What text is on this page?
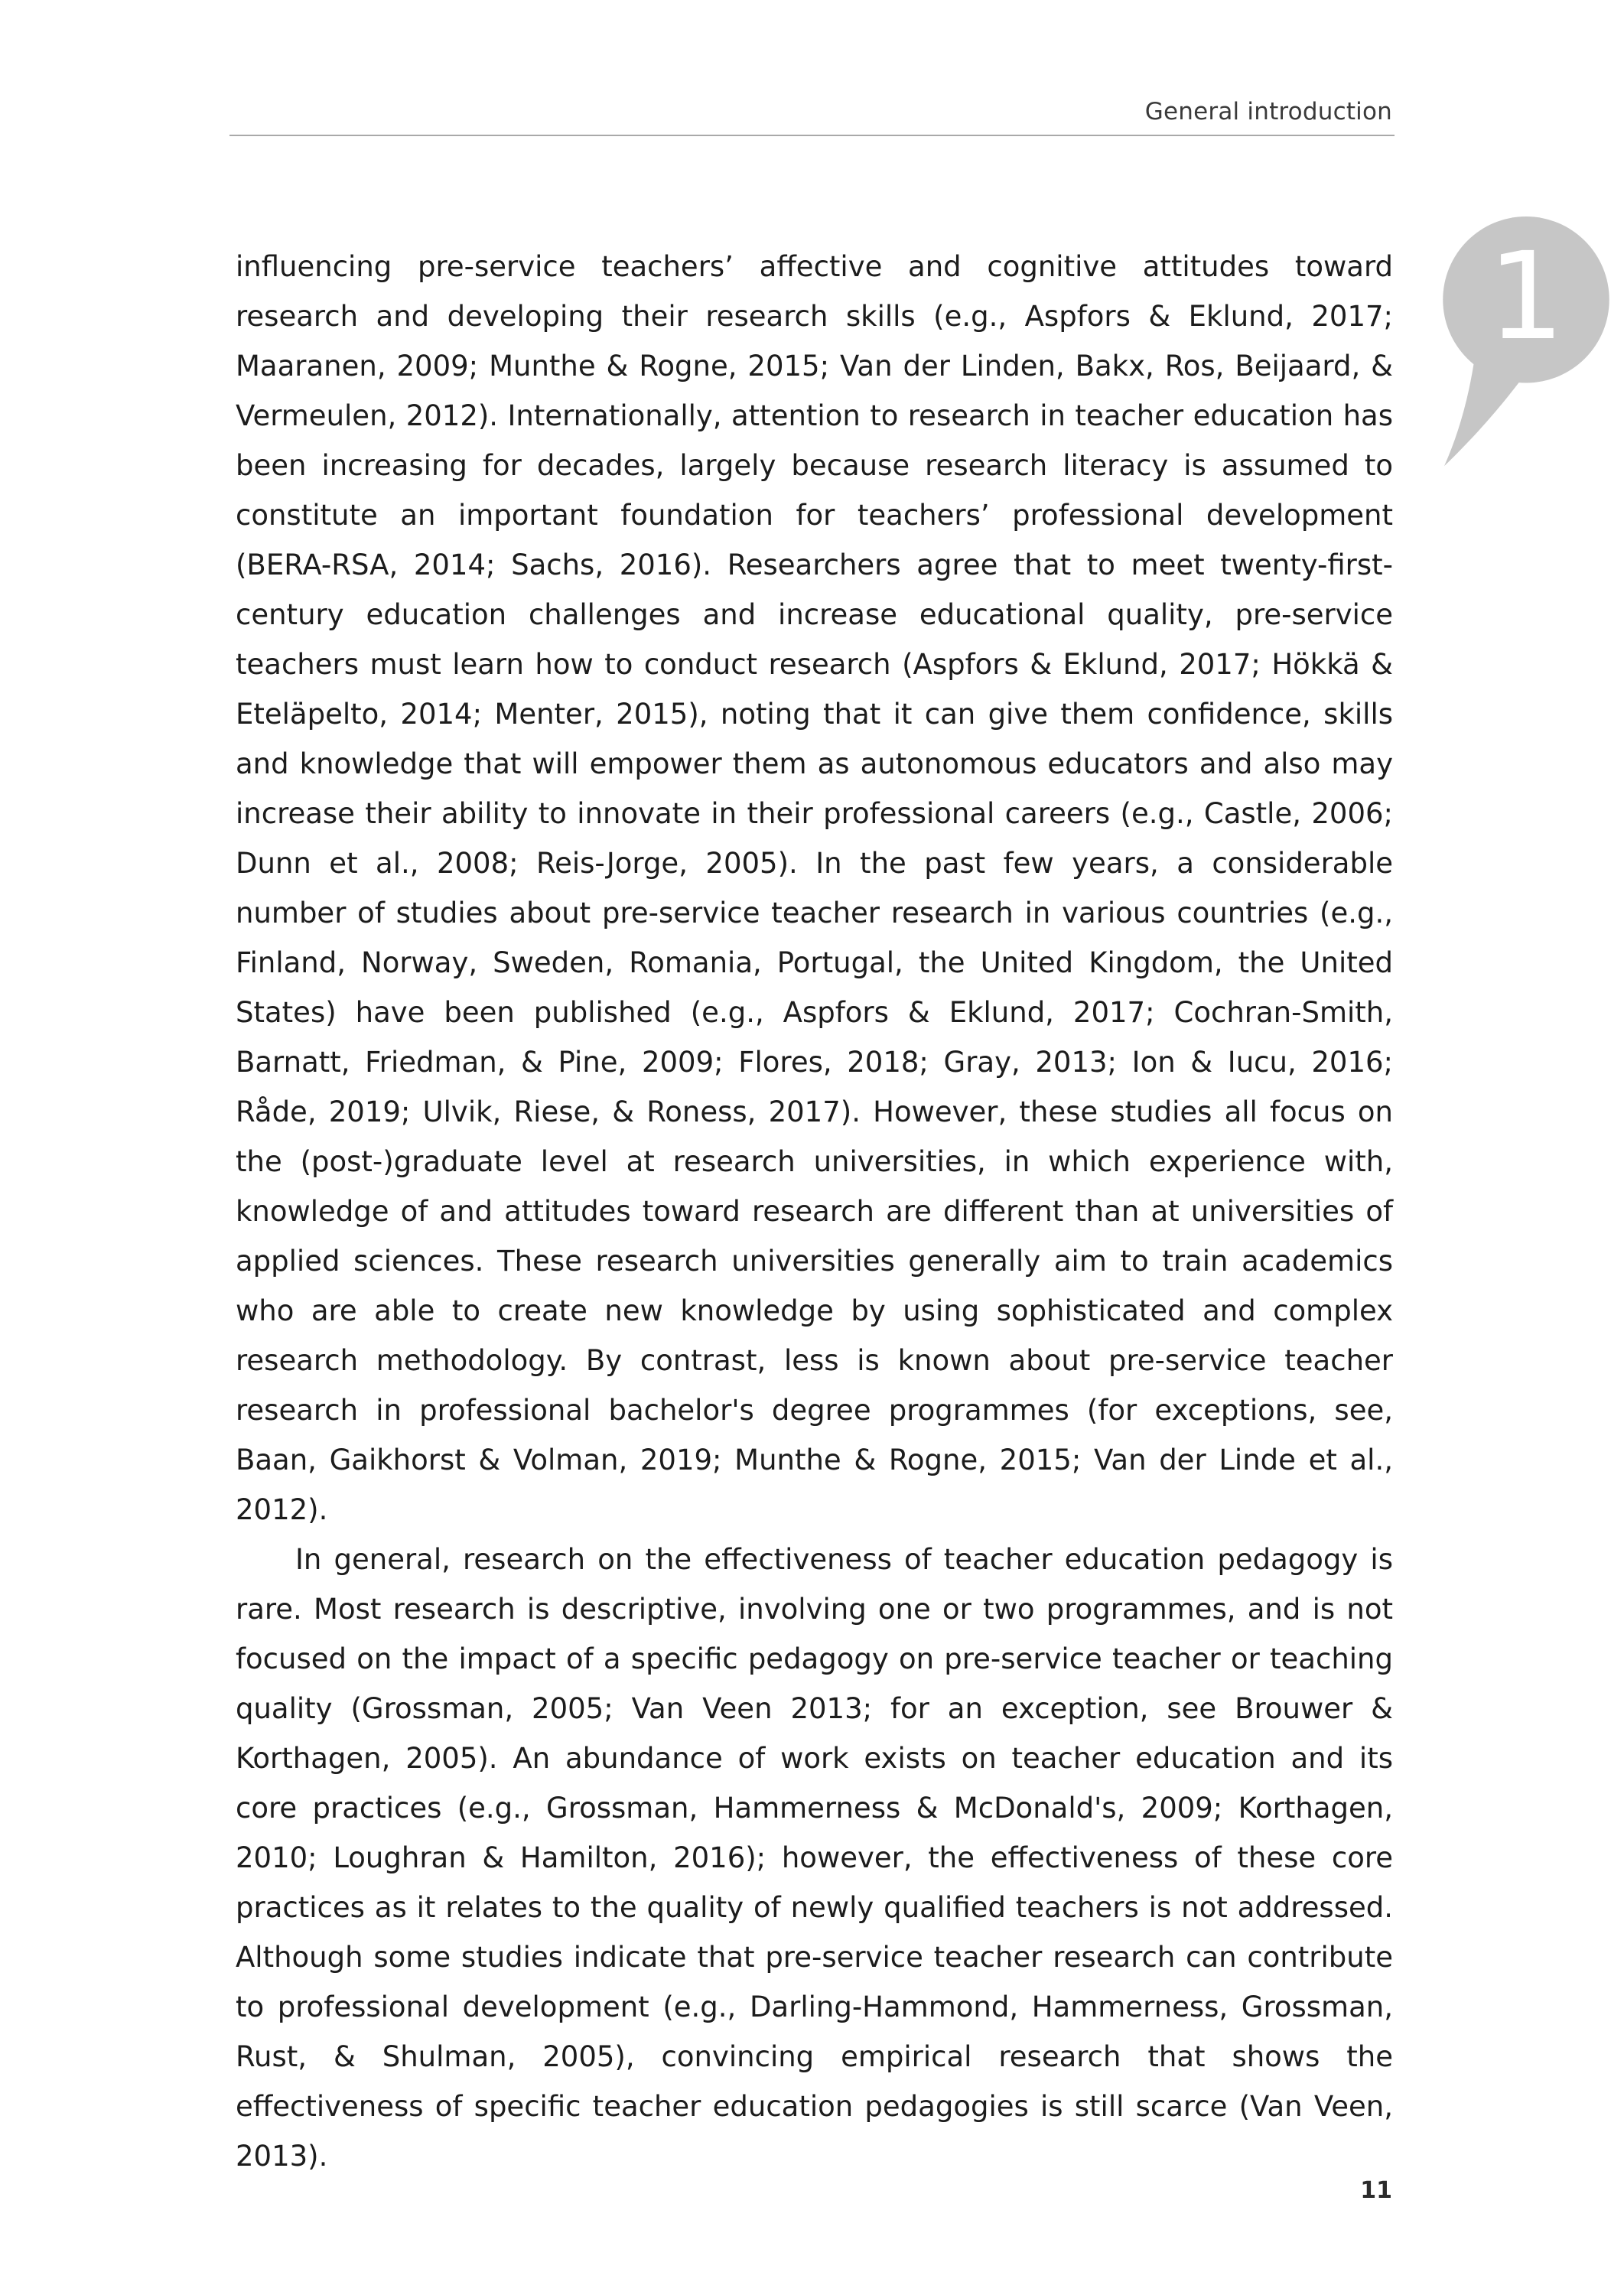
General introduction
1

influencing pre-service teachers’ affective and cognitive attitudes toward research and developing their research skills (e.g., Aspfors & Eklund, 2017; Maaranen, 2009; Munthe & Rogne, 2015; Van der Linden, Bakx, Ros, Beijaard, & Vermeulen, 2012). Internationally, attention to research in teacher education has been increasing for decades, largely because research literacy is assumed to constitute an important foundation for teachers’ professional development (BERA-RSA, 2014; Sachs, 2016). Researchers agree that to meet twenty-first-century education challenges and increase educational quality, pre-service teachers must learn how to conduct research (Aspfors & Eklund, 2017; Hökkä & Eteläpelto, 2014; Menter, 2015), noting that it can give them confidence, skills and knowledge that will empower them as autonomous educators and also may increase their ability to innovate in their professional careers (e.g., Castle, 2006; Dunn et al., 2008; Reis-Jorge, 2005). In the past few years, a considerable number of studies about pre-service teacher research in various countries (e.g., Finland, Norway, Sweden, Romania, Portugal, the United Kingdom, the United States) have been published (e.g., Aspfors & Eklund, 2017; Cochran-Smith, Barnatt, Friedman, & Pine, 2009; Flores, 2018; Gray, 2013; Ion & Iucu, 2016; Råde, 2019; Ulvik, Riese, & Roness, 2017). However, these studies all focus on the (post-)graduate level at research universities, in which experience with, knowledge of and attitudes toward research are different than at universities of applied sciences. These research universities generally aim to train academics who are able to create new knowledge by using sophisticated and complex research methodology. By contrast, less is known about pre-service teacher research in professional bachelor's degree programmes (for exceptions, see, Baan, Gaikhorst & Volman, 2019; Munthe & Rogne, 2015; Van der Linde et al., 2012).

In general, research on the effectiveness of teacher education pedagogy is rare. Most research is descriptive, involving one or two programmes, and is not focused on the impact of a specific pedagogy on pre-service teacher or teaching quality (Grossman, 2005; Van Veen 2013; for an exception, see Brouwer & Korthagen, 2005). An abundance of work exists on teacher education and its core practices (e.g., Grossman, Hammerness & McDonald's, 2009; Korthagen, 2010; Loughran & Hamilton, 2016); however, the effectiveness of these core practices as it relates to the quality of newly qualified teachers is not addressed. Although some studies indicate that pre-service teacher research can contribute to professional development (e.g., Darling-Hammond, Hammerness, Grossman, Rust, & Shulman, 2005), convincing empirical research that shows the effectiveness of specific teacher education pedagogies is still scarce (Van Veen, 2013).

11
